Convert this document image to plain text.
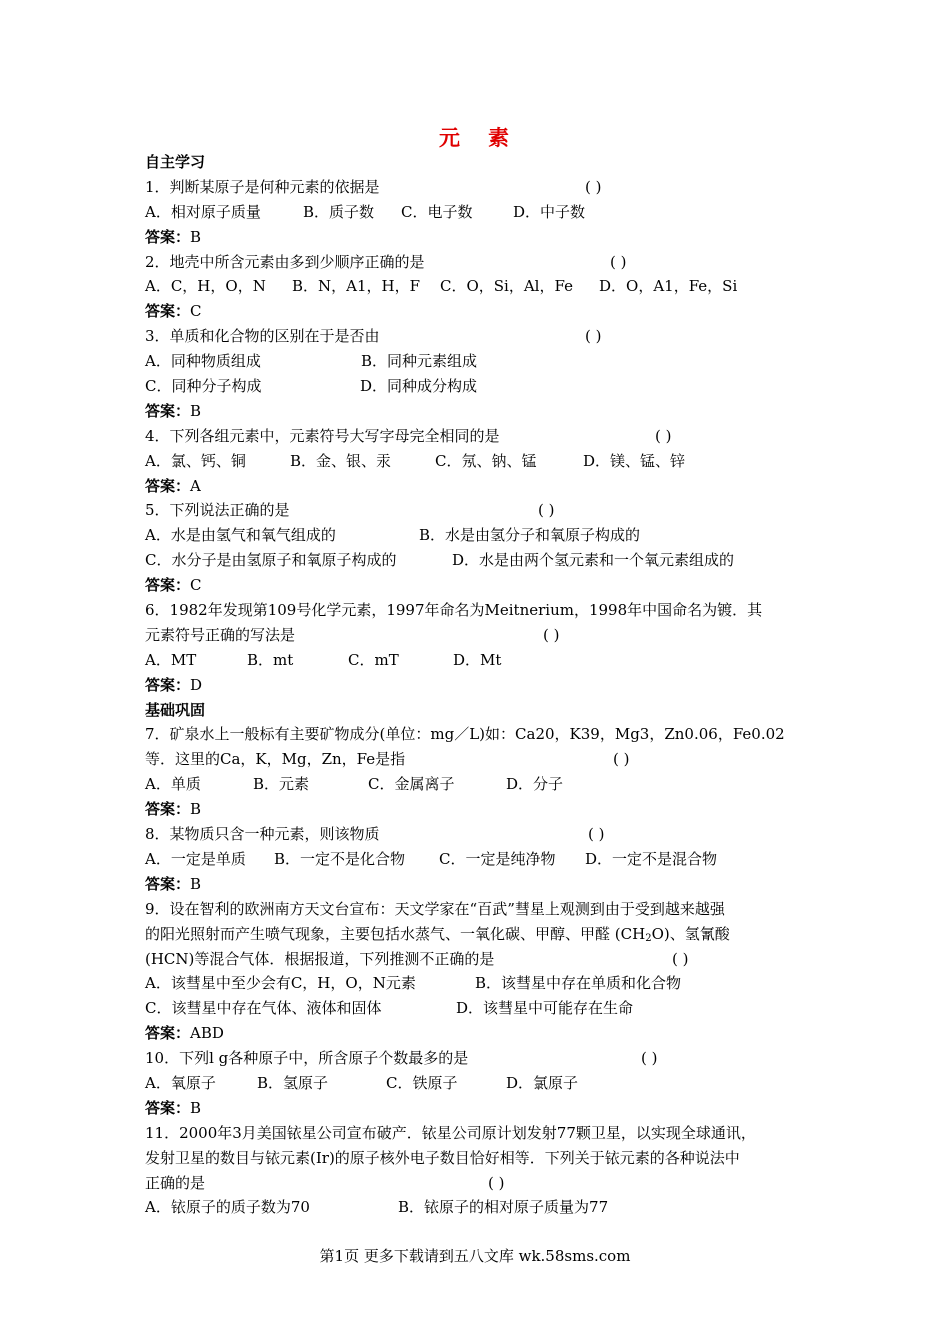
元 素
自主学习
1．判断某原子是何种元素的依据是	( )
A．相对原子质量	B．质子数 C．电子数	D．中子数
答案：B
2．地壳中所含元素由多到少顺序正确的是	( )
A．C，H，O，N B．N，A1，H，F C．O，Si，Al，Fe D．O，A1，Fe，Si
答案：C
3．单质和化合物的区别在于是否由	( )
A．同种物质组成	B．同种元素组成
C．同种分子构成	D．同种成分构成
答案：B
4．下列各组元素中，元素符号大写字母完全相同的是	( )
A．氯、钙、铜	B．金、银、汞	C．氖、钠、锰	D．镁、锰、锌
答案：A
5．下列说法正确的是	( )
A．水是由氢气和氧气组成的	B．水是由氢分子和氧原子构成的
C．水分子是由氢原子和氧原子构成的	D．水是由两个氢元素和一个氧元素组成的
答案：C
6．1982年发现第109号化学元素，1997年命名为Meitnerium，1998年中国命名为镀．其
元素符号正确的写法是	( )
A．MT	B．mt	C．mT	D．Mt
答案：D
基础巩固
7．矿泉水上一般标有主要矿物成分(单位：mg／L)如：Ca20，K39，Mg3，Zn0.06，Fe0.02
等．这里的Ca，K，Mg，Zn，Fe是指	( )
A．单质	B．元素	C．金属离子	D．分子
答案：B
8．某物质只含一种元素，则该物质	( )
A．一定是单质 B．一定不是化合物 C．一定是纯净物 D．一定不是混合物
答案：B
9．设在智利的欧洲南方天文台宣布：天文学家在“百武”彗星上观测到由于受到越来越强
的阳光照射而产生喷气现象，主要包括水蒸气、一氧化碳、甲醇、甲醛 $(CH_2O)$、氢氰酸
(HCN)等混合气体．根据报道，下列推测不正确的是	( )
A．该彗星中至少会有C，H，O，N元素	B．该彗星中存在单质和化合物
C．该彗星中存在气体、液体和固体	D．该彗星中可能存在生命
答案：ABD
10．下列l g各种原子中，所含原子个数最多的是	( )
A．氧原子	B．氢原子	C．铁原子	D．氯原子
答案：B
11．2000年3月美国铱星公司宣布破产．铱星公司原计划发射77颗卫星，以实现全球通讯，
发射卫星的数目与铱元素(Ir)的原子核外电子数目恰好相等．下列关于铱元素的各种说法中
正确的是	( )
A．铱原子的质子数为70	B．铱原子的相对原子质量为77
第1页 更多下载请到五八文库 wk.58sms.com
